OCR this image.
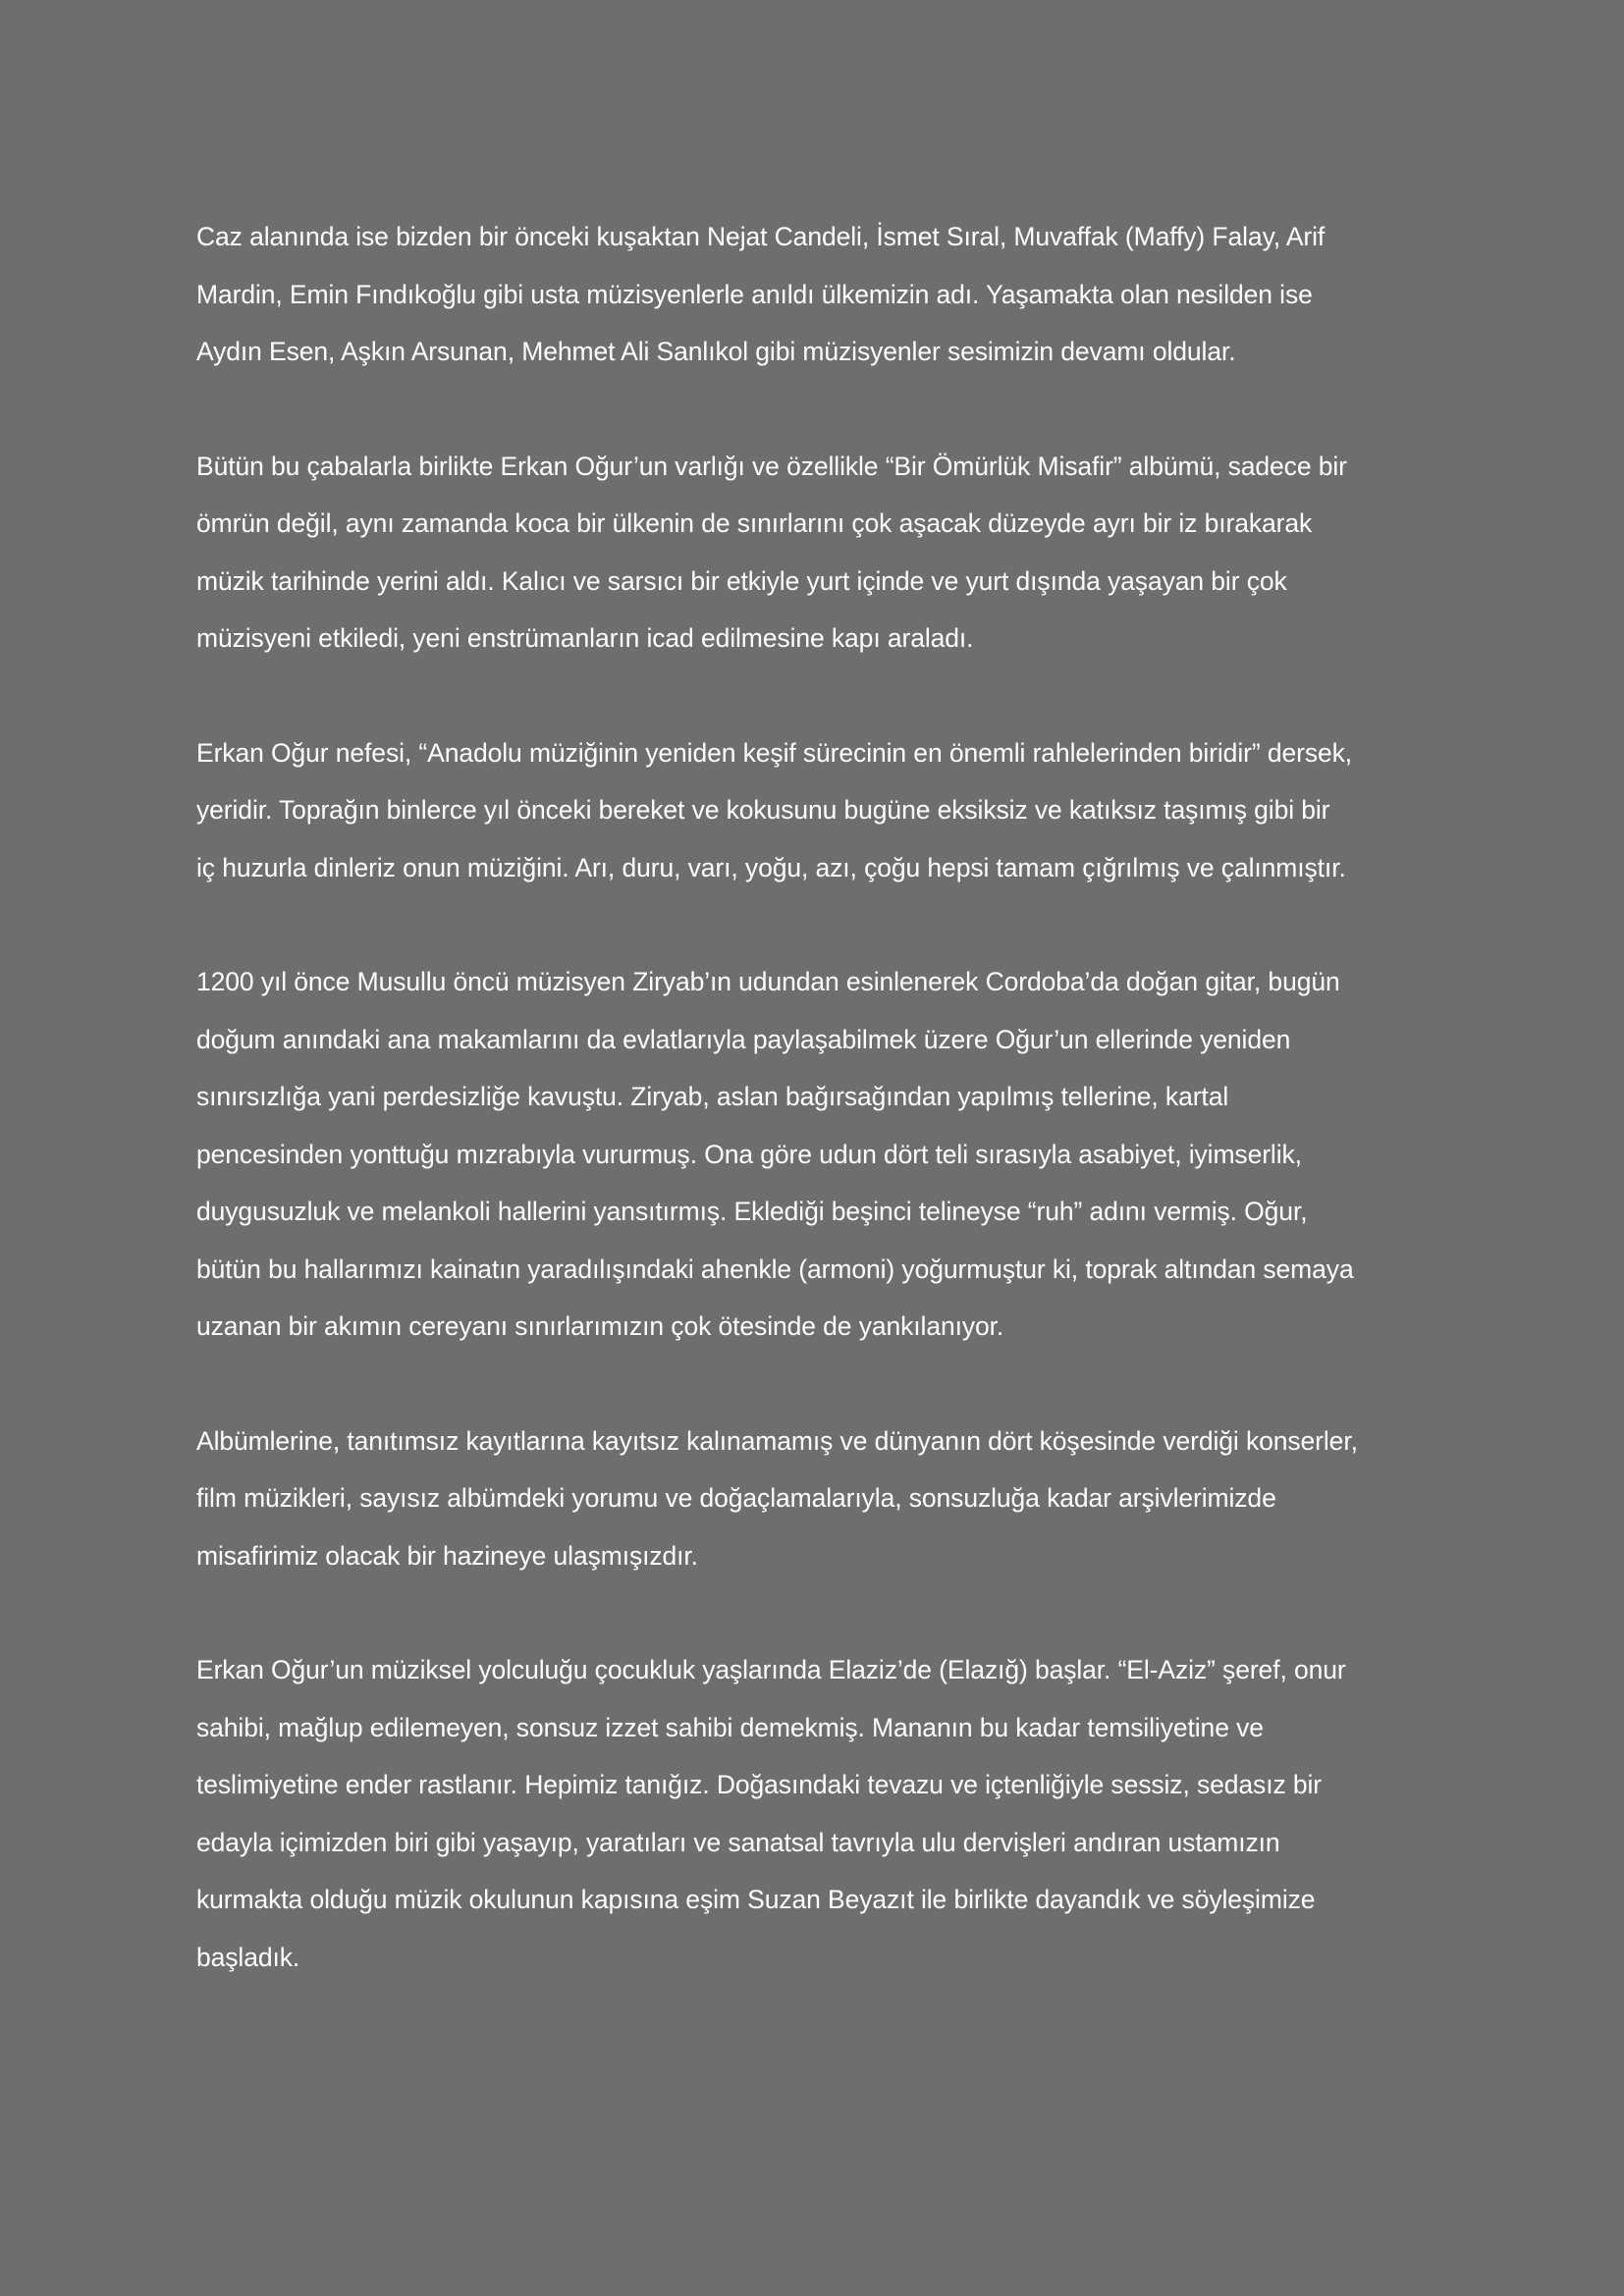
Caz alanında ise bizden bir önceki kuşaktan Nejat Candeli, İsmet Sıral, Muvaffak (Maffy) Falay, Arif
Mardin, Emin Fındıkoğlu gibi usta müzisyenlerle anıldı ülkemizin adı. Yaşamakta olan nesilden ise
Aydın Esen, Aşkın Arsunan, Mehmet Ali Sanlıkol gibi müzisyenler sesimizin devamı oldular.

Bütün bu çabalarla birlikte Erkan Oğur’un varlığı ve özellikle “Bir Ömürlük Misafir” albümü, sadece bir
ömrün değil, aynı zamanda koca bir ülkenin de sınırlarını çok aşacak düzeyde ayrı bir iz bırakarak
müzik tarihinde yerini aldı. Kalıcı ve sarsıcı bir etkiyle yurt içinde ve yurt dışında yaşayan bir çok
müzisyeni etkiledi, yeni enstrümanların icad edilmesine kapı araladı.

Erkan Oğur nefesi, “Anadolu müziğinin yeniden keşif sürecinin en önemli rahlelerinden biridir” dersek,
yeridir. Toprağın binlerce yıl önceki bereket ve kokusunu bugüne eksiksiz ve katıksız taşımış gibi bir
iç huzurla dinleriz onun müziğini. Arı, duru, varı, yoğu, azı, çoğu hepsi tamam çığrılmış ve çalınmıştır.

1200 yıl önce Musullu öncü müzisyen Ziryab’ın udundan esinlenerek Cordoba’da doğan gitar, bugün
doğum anındaki ana makamlarını da evlatlarıyla paylaşabilmek üzere Oğur’un ellerinde yeniden
sınırsızlığa yani perdesizliğe kavuştu. Ziryab, aslan bağırsağından yapılmış tellerine, kartal
pencesinden yonttuğu mızrabıyla vururmuş. Ona göre udun dört teli sırasıyla asabiyet, iyimserlik,
duygusuzluk ve melankoli hallerini yansıtırmış. Eklediği beşinci telineyse “ruh” adını vermiş. Oğur,
bütün bu hallarımızı kainatın yaradılışındaki ahenkle (armoni) yoğurmuştur ki, toprak altından semaya
uzanan bir akımın cereyanı sınırlarımızın çok ötesinde de yankılanıyor.

Albümlerine, tanıtımsız kayıtlarına kayıtsız kalınamamış ve dünyanın dört köşesinde verdiği konserler,
film müzikleri, sayısız albümdeki yorumu ve doğaçlamalarıyla, sonsuzluğa kadar arşivlerimizde
misafirimiz olacak bir hazineye ulaşmışızdır.

Erkan Oğur’un müziksel yolculuğu çocukluk yaşlarında Elaziz’de (Elazığ) başlar. “El-Aziz” şeref, onur
sahibi, mağlup edilemeyen, sonsuz izzet sahibi demekmiş. Mananın bu kadar temsiliyetine ve
teslimiyetine ender rastlanır. Hepimiz tanığız. Doğasındaki tevazu ve içtenliğiyle sessiz, sedasız bir
edayla içimizden biri gibi yaşayıp, yaratıları ve sanatsal tavrıyla ulu dervişleri andıran ustamızın
kurmakta olduğu müzik okulunun kapısına eşim Suzan Beyazıt ile birlikte dayandık ve söyleşimize
başladık.
